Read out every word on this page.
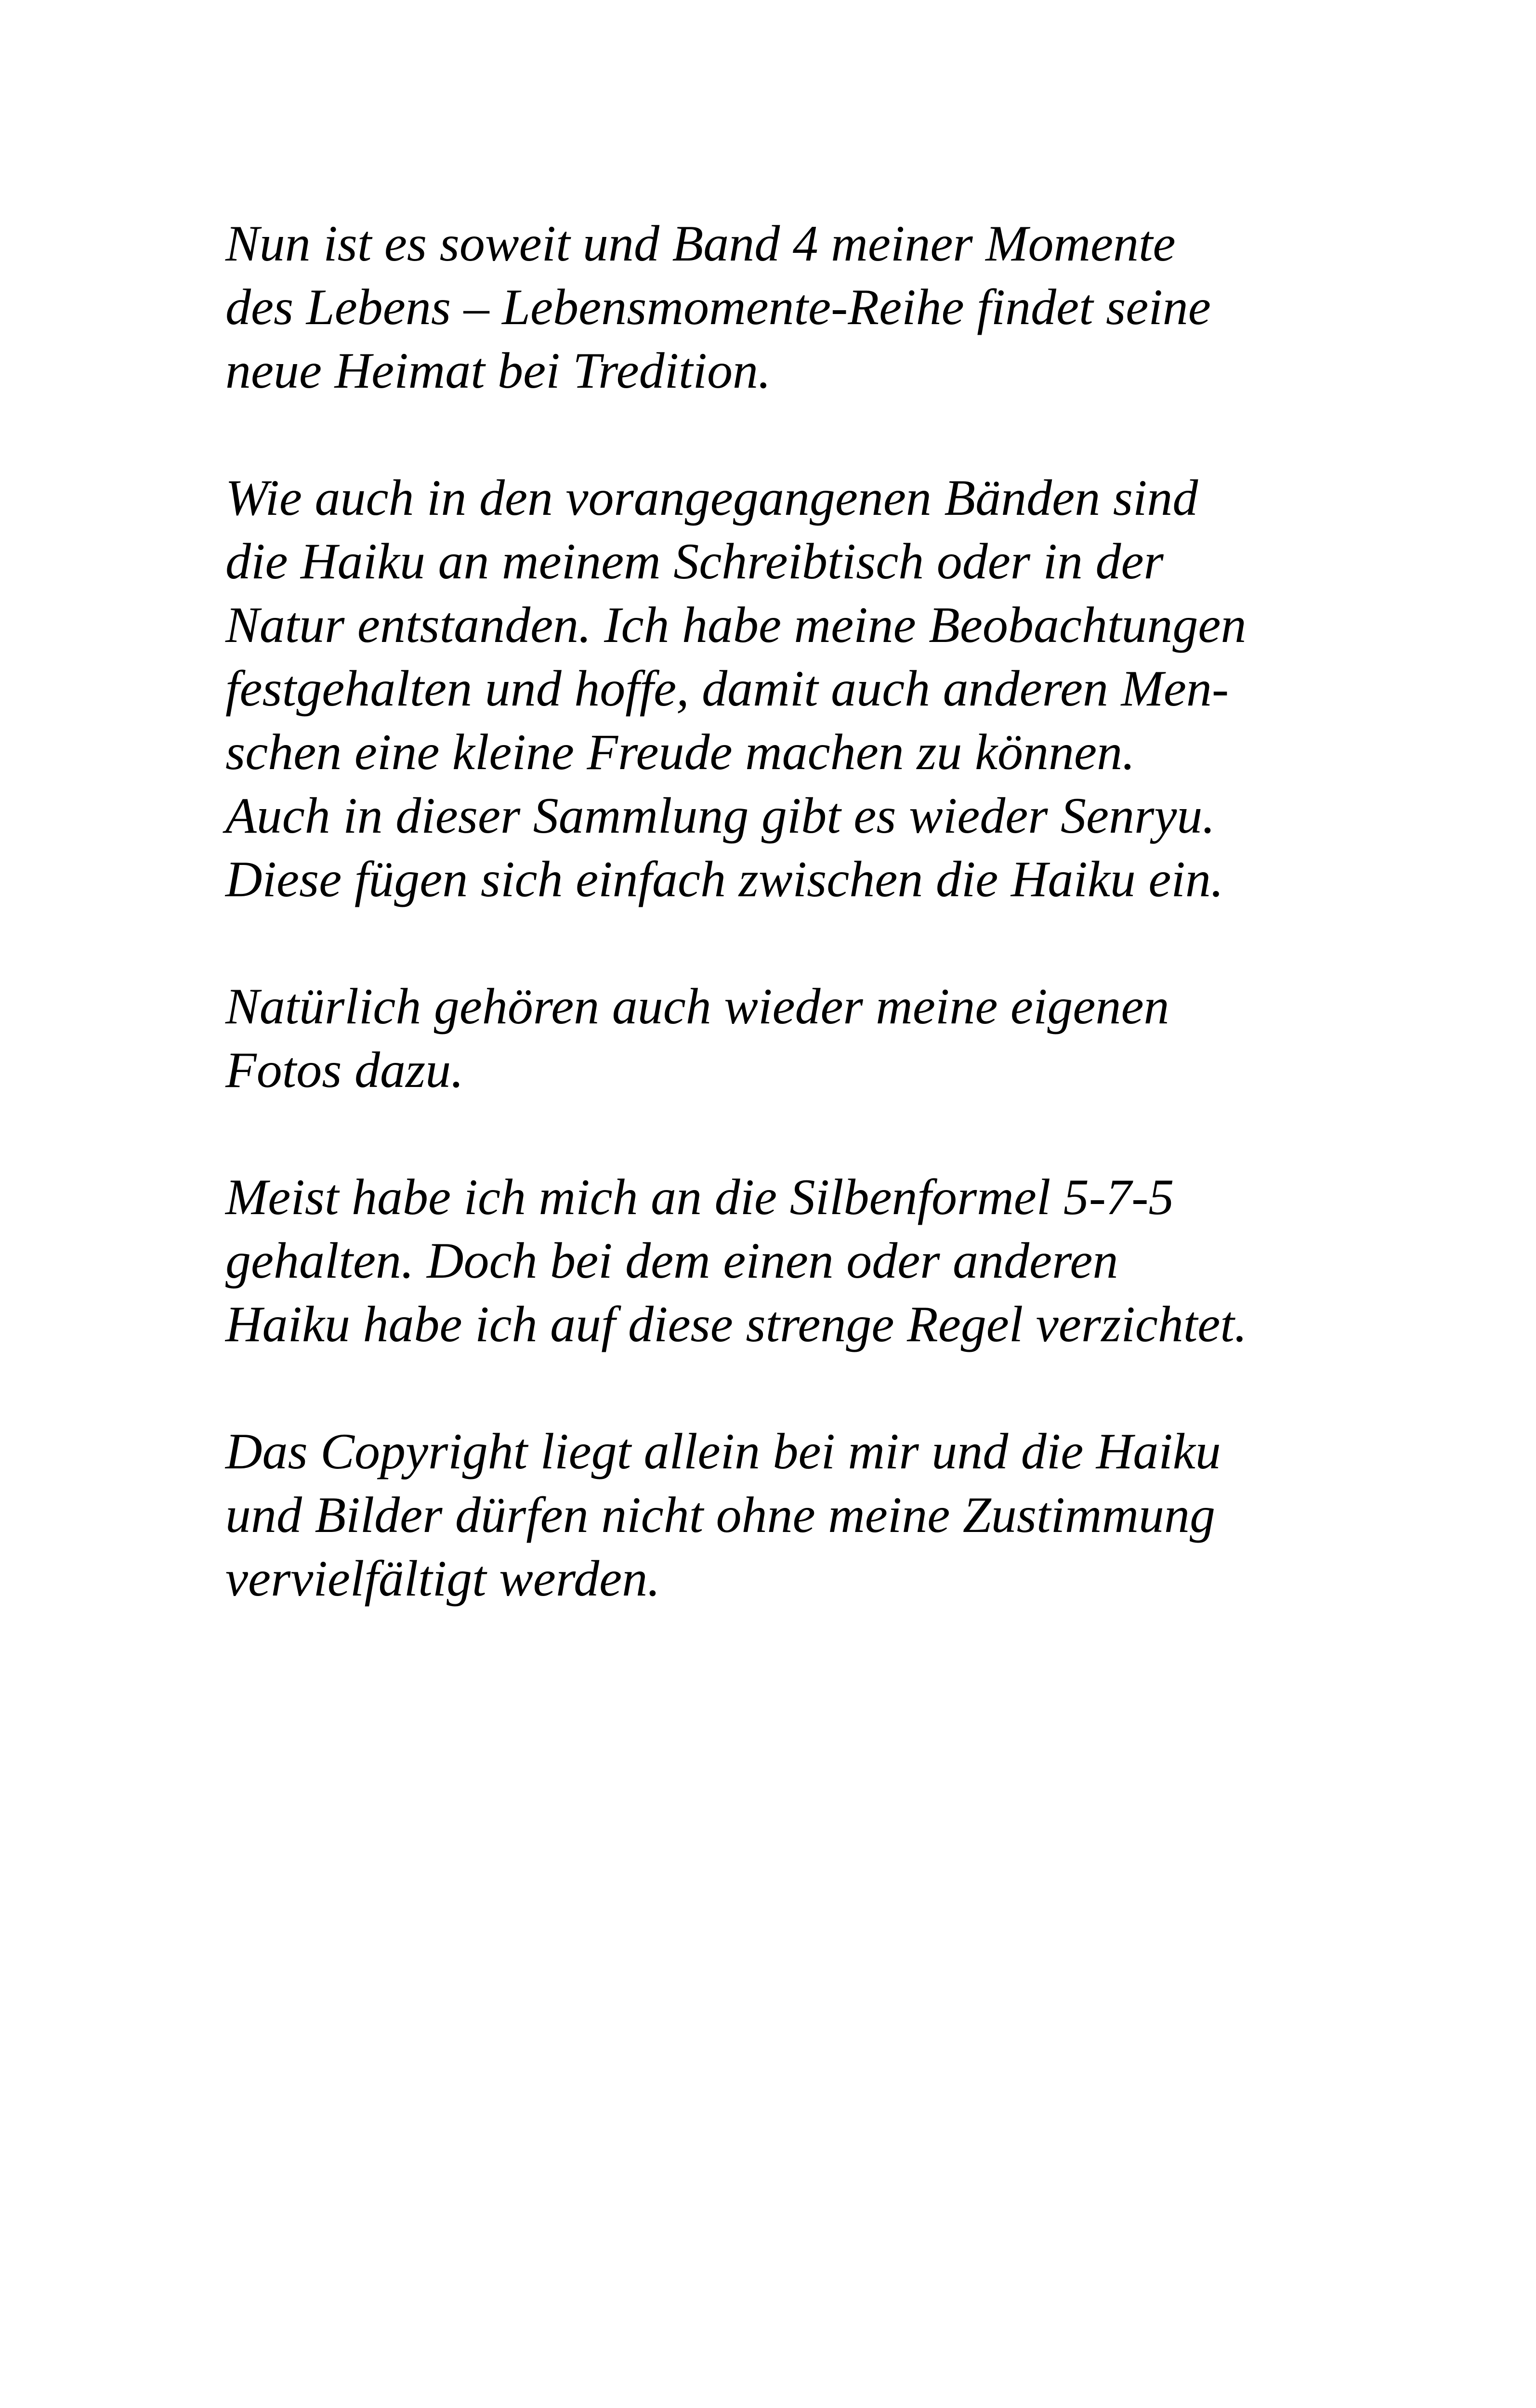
Nun ist es soweit und Band 4 meiner Momente
des Lebens – Lebensmomente-Reihe findet seine
neue Heimat bei Tredition.

Wie auch in den vorangegangenen Bänden sind
die Haiku an meinem Schreibtisch oder in der
Natur entstanden. Ich habe meine Beobachtungen
festgehalten und hoffe, damit auch anderen Men-
schen eine kleine Freude machen zu können.
Auch in dieser Sammlung gibt es wieder Senryu.
Diese fügen sich einfach zwischen die Haiku ein.

Natürlich gehören auch wieder meine eigenen
Fotos dazu.

Meist habe ich mich an die Silbenformel 5-7-5
gehalten. Doch bei dem einen oder anderen
Haiku habe ich auf diese strenge Regel verzichtet.

Das Copyright liegt allein bei mir und die Haiku
und Bilder dürfen nicht ohne meine Zustimmung
vervielfältigt werden.
